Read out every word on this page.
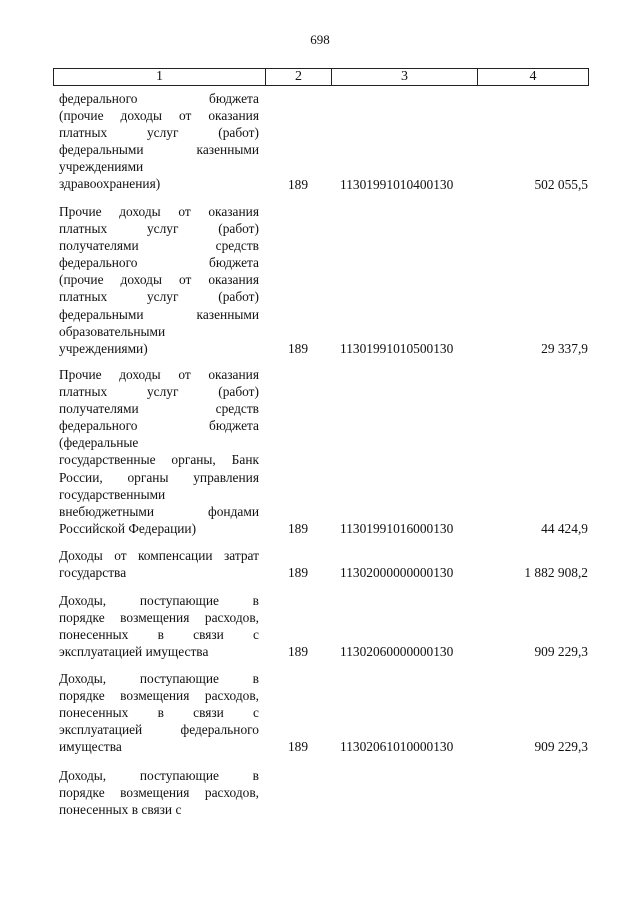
698
1	2	3	4
федерального бюджета
(прочие доходы от оказания
платных услуг (работ)
федеральными казенными
учреждениями
здравоохранения)	189 11301991010400130	502 055,5
Прочие доходы от оказания
платных услуг (работ)
получателями средств
федерального бюджета
(прочие доходы от оказания
платных услуг (работ)
федеральными казенными
образовательными
учреждениями)	189 11301991010500130	29 337,9
Прочие доходы от оказания
платных услуг (работ)
получателями средств
федерального бюджета
(федеральные
государственные органы, Банк
России, органы управления
государственными
внебюджетными фондами
Российской Федерации)	189 11301991016000130	44 424,9
Доходы от компенсации затрат
государства	189 11302000000000130	1 882 908,2
Доходы, поступающие в
порядке возмещения расходов,
понесенных в связи с
эксплуатацией имущества	189 11302060000000130	909 229,3
Доходы, поступающие в
порядке возмещения расходов,
понесенных в связи с
эксплуатацией федерального
имущества	189 11302061010000130	909 229,3
Доходы, поступающие в
порядке возмещения расходов,
понесенных в связи с
